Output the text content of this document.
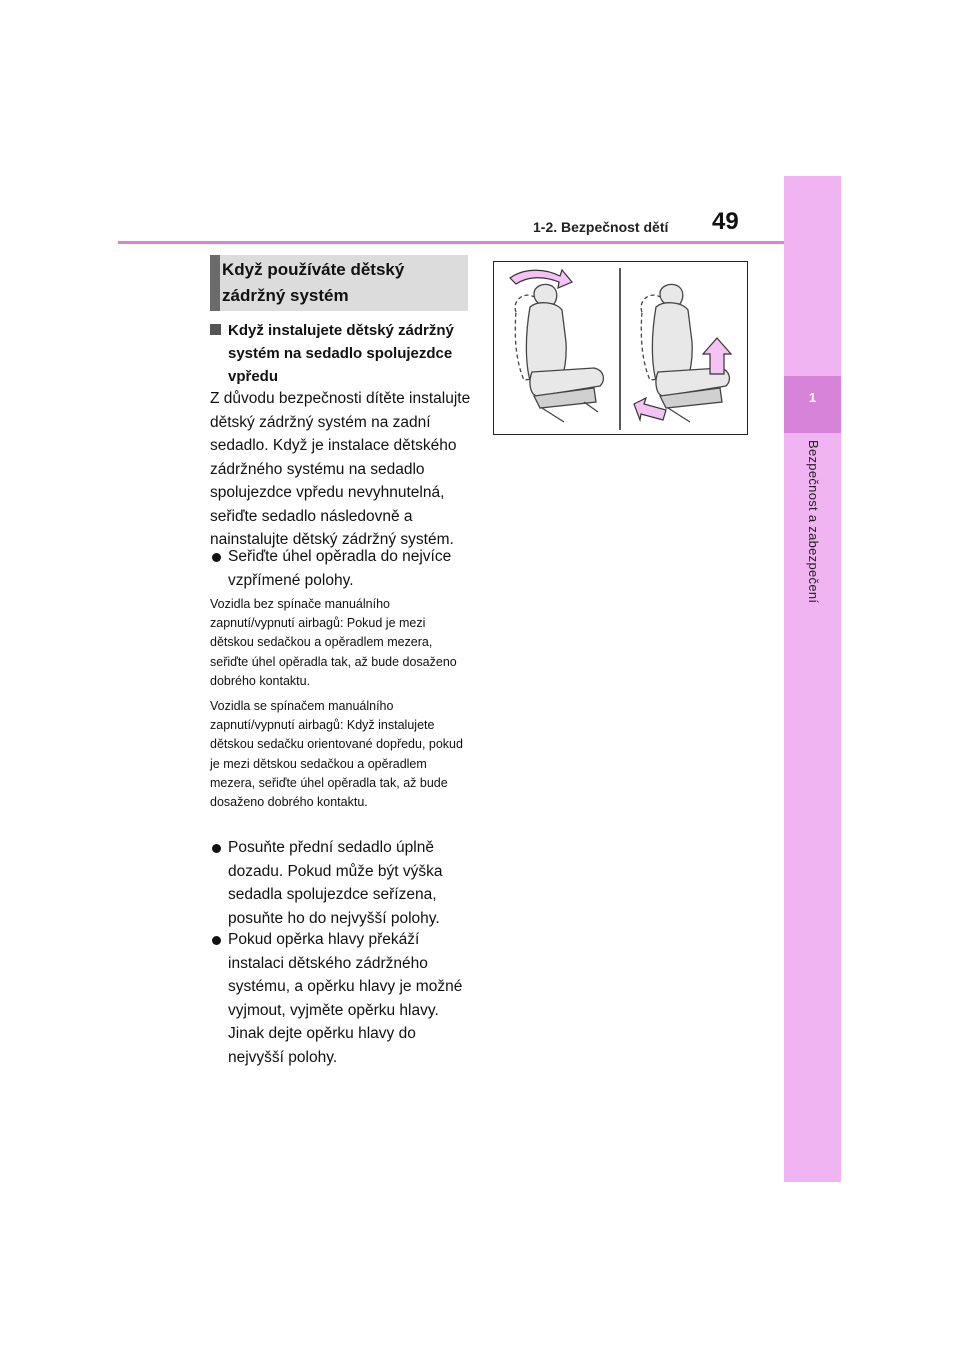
1
Bezpečnost a zabezpečení
1-2. Bezpečnost dětí 49
Když používáte dětský zádržný systém
Když instalujete dětský zádržný systém na sedadlo spolujezdce vpředu
Z důvodu bezpečnosti dítěte instalujte dětský zádržný systém na zadní sedadlo. Když je instalace dětského zádržného systému na sedadlo spolujezdce vpředu nevyhnutelná, seřiďte sedadlo následovně a nainstalujte dětský zádržný systém.
Seřiďte úhel opěradla do nejvíce vzpřímené polohy.
Vozidla bez spínače manuálního zapnutí/vypnutí airbagů: Pokud je mezi dětskou sedačkou a opěradlem mezera, seřiďte úhel opěradla tak, až bude dosaženo dobrého kontaktu.
Vozidla se spínačem manuálního zapnutí/vypnutí airbagů: Když instalujete dětskou sedačku orientované dopředu, pokud je mezi dětskou sedačkou a opěradlem mezera, seřiďte úhel opěradla tak, až bude dosaženo dobrého kontaktu.
Posuňte přední sedadlo úplně dozadu. Pokud může být výška sedadla spolujezdce seřízena, posuňte ho do nejvyšší polohy.
Pokud opěrka hlavy překáží instalaci dětského zádržného systému, a opěrku hlavy je možné vyjmout, vyjměte opěrku hlavy. Jinak dejte opěrku hlavy do nejvyšší polohy.
